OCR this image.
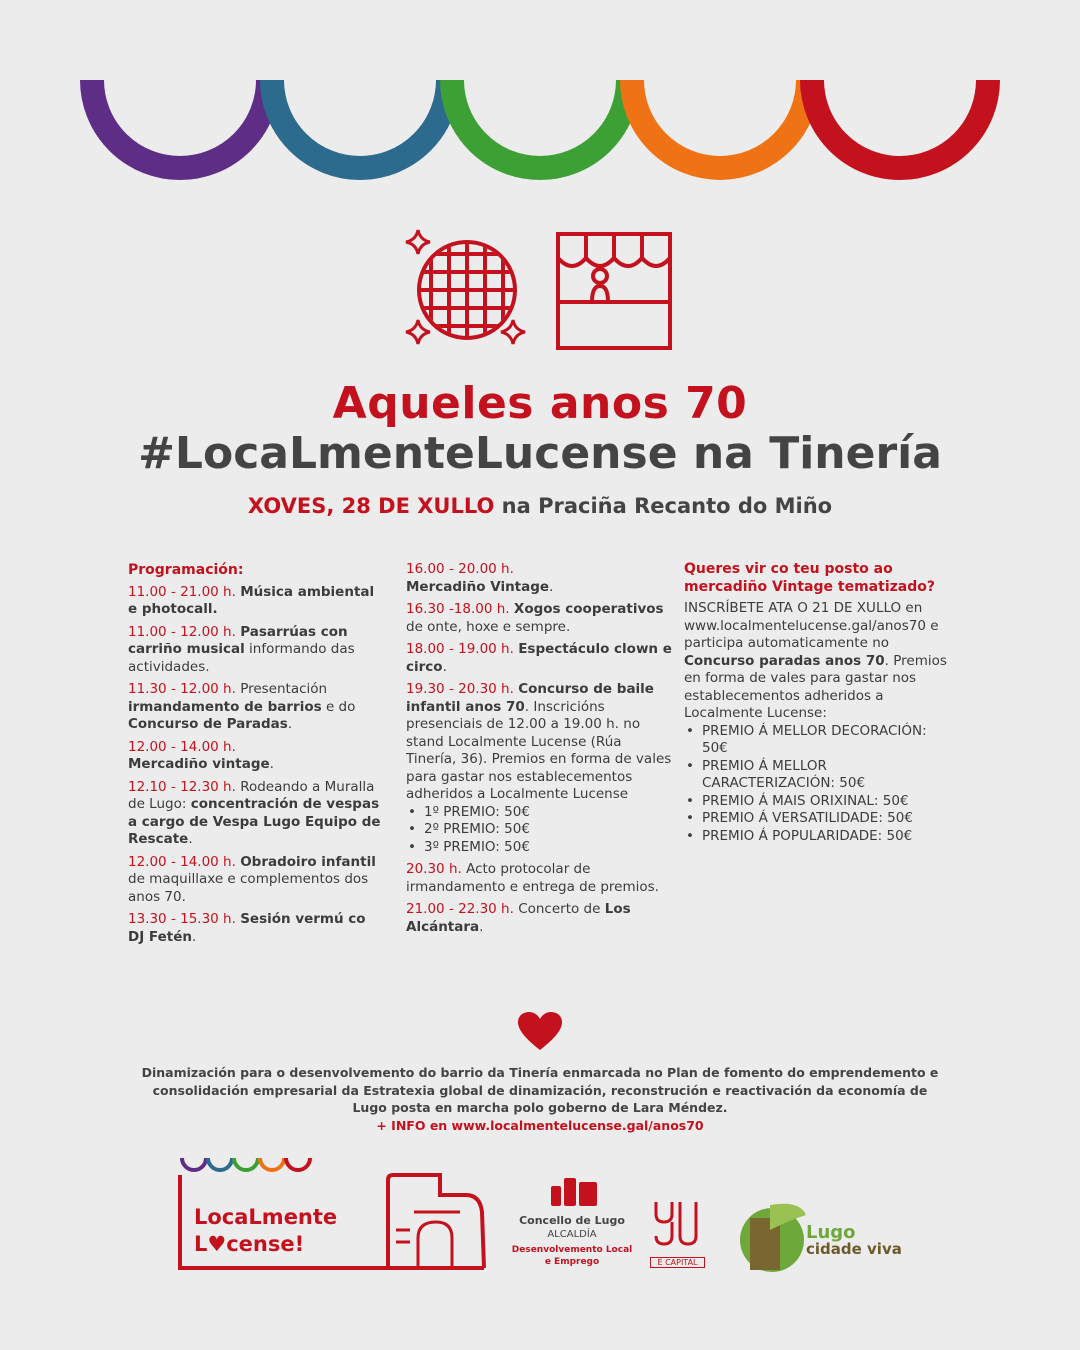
Aqueles anos 70
#LocaLmenteLucense na Tinería
XOVES, 28 DE XULLO na Praciña Recanto do Miño
Programación:

11.00 - 21.00 h. Música ambiental e photocall.

11.00 - 12.00 h. Pasarrúas con carriño musical informando das actividades.

11.30 - 12.00 h. Presentación irmandamento de barrios e do Concurso de Paradas.

12.00 - 14.00 h.
Mercadiño vintage.

12.10 - 12.30 h. Rodeando a Muralla de Lugo: concentración de vespas a cargo de Vespa Lugo Equipo de Rescate.

12.00 - 14.00 h. Obradoiro infantil de maquillaxe e complementos dos anos 70.

13.30 - 15.30 h. Sesión vermú co DJ Fetén.

16.00 - 20.00 h.
Mercadiño Vintage.

16.30 -18.00 h. Xogos cooperativos de onte, hoxe e sempre.

18.00 - 19.00 h. Espectáculo clown e circo.

19.30 - 20.30 h. Concurso de baile infantil anos 70. Inscricións presenciais de 12.00 a 19.00 h. no stand Localmente Lucense (Rúa Tinería, 36). Premios en forma de vales para gastar nos establecementos adheridos a Localmente Lucense

• 1º PREMIO: 50€
• 2º PREMIO: 50€
• 3º PREMIO: 50€

20.30 h. Acto protocolar de irmandamento e entrega de premios.

21.00 - 22.30 h. Concerto de Los Alcántara.

Queres vir co teu posto ao mercadiño Vintage tematizado?

INSCRÍBETE ATA O 21 DE XULLO en www.localmentelucense.gal/anos70 e participa automaticamente no Concurso paradas anos 70. Premios en forma de vales para gastar nos establecementos adheridos a Localmente Lucense:

• PREMIO Á MELLOR DECORACIÓN: 50€
• PREMIO Á MELLOR CARACTERIZACIÓN: 50€
• PREMIO Á MAIS ORIXINAL: 50€
• PREMIO Á VERSATILIDADE: 50€
• PREMIO Á POPULARIDADE: 50€
Dinamización para o desenvolvemento do barrio da Tinería enmarcada no Plan de fomento do emprendemento e consolidación empresarial da Estratexia global de dinamización, reconstrución e reactivación da economía de Lugo posta en marcha polo goberno de Lara Méndez.
+ INFO en www.localmentelucense.gal/anos70
LocaLmente
L♥cense!
Concello de Lugo
ALCALDÍA
Desenvolvemento Local e Emprego	É CAPITAL
Lugo
cidade viva
